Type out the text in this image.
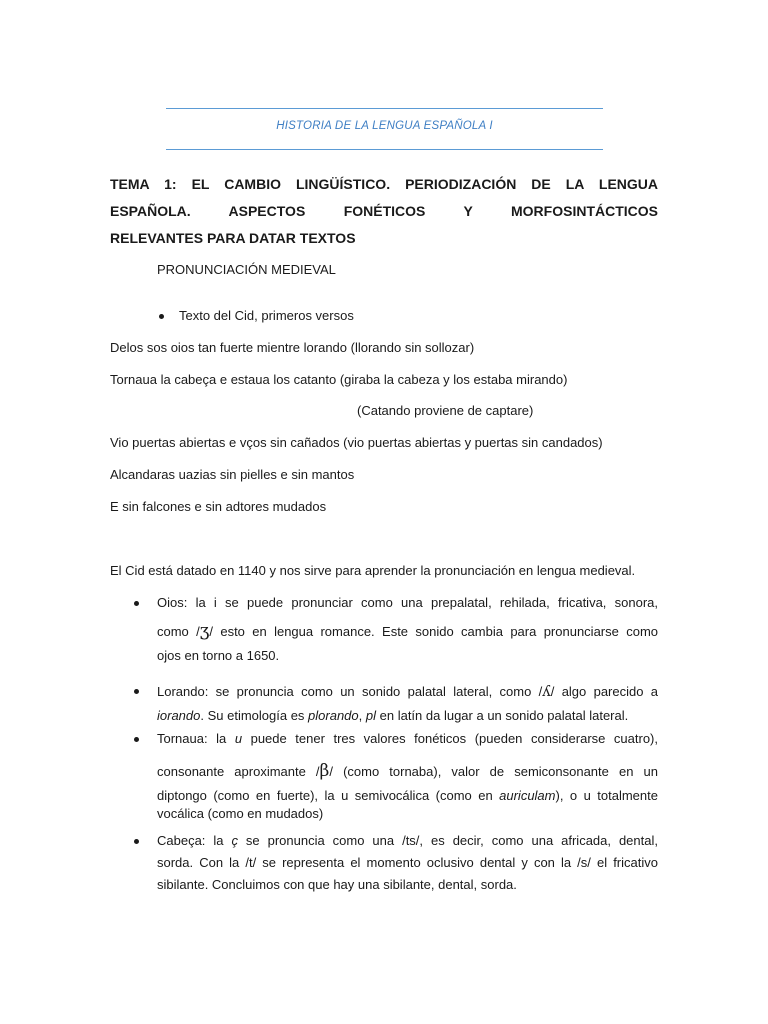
HISTORIA DE LA LENGUA ESPAÑOLA I
TEMA 1: EL CAMBIO LINGÜÍSTICO. PERIODIZACIÓN DE LA LENGUA
ESPAÑOLA. ASPECTOS FONÉTICOS Y MORFOSINTÁCTICOS
RELEVANTES PARA DATAR TEXTOS
PRONUNCIACIÓN MEDIEVAL
Texto del Cid, primeros versos
Delos sos oios tan fuerte mientre lorando (llorando sin sollozar)
Tornaua la cabeça e estaua los catanto (giraba la cabeza y los estaba mirando)
(Catando proviene de captare)
Vio puertas abiertas e vços sin cañados (vio puertas abiertas y puertas sin candados)
Alcandaras uazias sin pielles e sin mantos
E sin falcones e sin adtores mudados
El Cid está datado en 1140 y nos sirve para aprender la pronunciación en lengua medieval.
Oios: la i se puede pronunciar como una prepalatal, rehilada, fricativa, sonora,
como /ʒ/ esto en lengua romance. Este sonido cambia para pronunciarse como
ojos en torno a 1650.
Lorando: se pronuncia como un sonido palatal lateral, como /ʎ/ algo parecido a
iorando. Su etimología es plorando, pl en latín da lugar a un sonido palatal lateral.
Tornaua: la u puede tener tres valores fonéticos (pueden considerarse cuatro),
consonante aproximante /β/ (como tornaba), valor de semiconsonante en un
diptongo (como en fuerte), la u semivocálica (como en auriculam), o u totalmente
vocálica (como en mudados)
Cabeça: la ç se pronuncia como una /ts/, es decir, como una africada, dental,
sorda. Con la /t/ se representa el momento oclusivo dental y con la /s/ el fricativo
sibilante. Concluimos con que hay una sibilante, dental, sorda.
